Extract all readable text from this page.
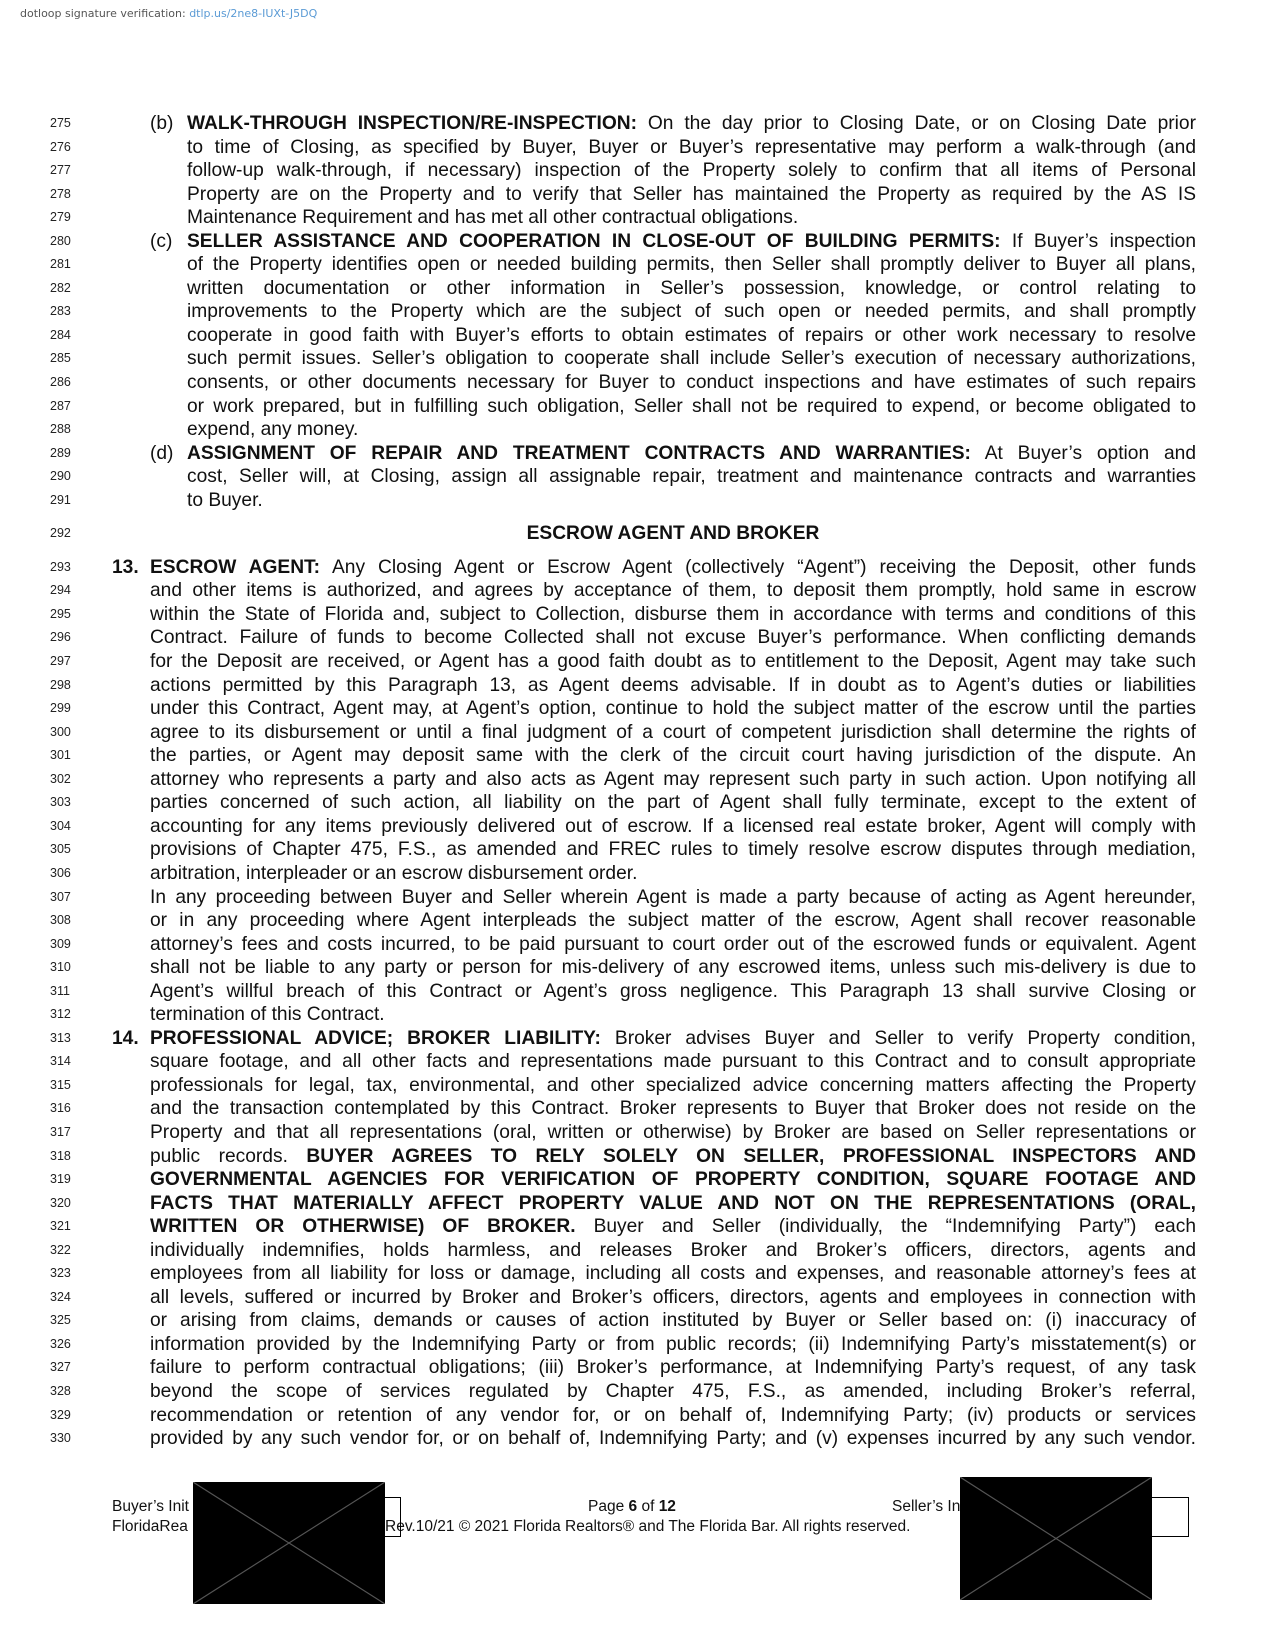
dotloop signature verification: dtlp.us/2ne8-IUXt-J5DQ
275	(b) WALK-THROUGH INSPECTION/RE-INSPECTION: On the day prior to Closing Date, or on Closing Date prior
276	to time of Closing, as specified by Buyer, Buyer or Buyer’s representative may perform a walk-through (and
277	follow-up walk-through, if necessary) inspection of the Property solely to confirm that all items of Personal
278	Property are on the Property and to verify that Seller has maintained the Property as required by the AS IS
279	Maintenance Requirement and has met all other contractual obligations.
280	(c) SELLER ASSISTANCE AND COOPERATION IN CLOSE-OUT OF BUILDING PERMITS: If Buyer’s inspection
281	of the Property identifies open or needed building permits, then Seller shall promptly deliver to Buyer all plans,
282	written documentation or other information in Seller’s possession, knowledge, or control relating to
283	improvements to the Property which are the subject of such open or needed permits, and shall promptly
284	cooperate in good faith with Buyer’s efforts to obtain estimates of repairs or other work necessary to resolve
285	such permit issues. Seller’s obligation to cooperate shall include Seller’s execution of necessary authorizations,
286	consents, or other documents necessary for Buyer to conduct inspections and have estimates of such repairs
287	or work prepared, but in fulfilling such obligation, Seller shall not be required to expend, or become obligated to
288	expend, any money.
289	(d) ASSIGNMENT OF REPAIR AND TREATMENT CONTRACTS AND WARRANTIES: At Buyer’s option and
290	cost, Seller will, at Closing, assign all assignable repair, treatment and maintenance contracts and warranties
291	to Buyer.
292	ESCROW AGENT AND BROKER
293	13. ESCROW AGENT: Any Closing Agent or Escrow Agent (collectively “Agent”) receiving the Deposit, other funds
294	and other items is authorized, and agrees by acceptance of them, to deposit them promptly, hold same in escrow
295	within the State of Florida and, subject to Collection, disburse them in accordance with terms and conditions of this
296	Contract. Failure of funds to become Collected shall not excuse Buyer’s performance. When conflicting demands
297	for the Deposit are received, or Agent has a good faith doubt as to entitlement to the Deposit, Agent may take such
298	actions permitted by this Paragraph 13, as Agent deems advisable. If in doubt as to Agent’s duties or liabilities
299	under this Contract, Agent may, at Agent’s option, continue to hold the subject matter of the escrow until the parties
300	agree to its disbursement or until a final judgment of a court of competent jurisdiction shall determine the rights of
301	the parties, or Agent may deposit same with the clerk of the circuit court having jurisdiction of the dispute. An
302	attorney who represents a party and also acts as Agent may represent such party in such action. Upon notifying all
303	parties concerned of such action, all liability on the part of Agent shall fully terminate, except to the extent of
304	accounting for any items previously delivered out of escrow. If a licensed real estate broker, Agent will comply with
305	provisions of Chapter 475, F.S., as amended and FREC rules to timely resolve escrow disputes through mediation,
306	arbitration, interpleader or an escrow disbursement order.
307	In any proceeding between Buyer and Seller wherein Agent is made a party because of acting as Agent hereunder,
308	or in any proceeding where Agent interpleads the subject matter of the escrow, Agent shall recover reasonable
309	attorney’s fees and costs incurred, to be paid pursuant to court order out of the escrowed funds or equivalent. Agent
310	shall not be liable to any party or person for mis-delivery of any escrowed items, unless such mis-delivery is due to
311	Agent’s willful breach of this Contract or Agent’s gross negligence. This Paragraph 13 shall survive Closing or
312	termination of this Contract.
313	14. PROFESSIONAL ADVICE; BROKER LIABILITY: Broker advises Buyer and Seller to verify Property condition,
314	square footage, and all other facts and representations made pursuant to this Contract and to consult appropriate
315	professionals for legal, tax, environmental, and other specialized advice concerning matters affecting the Property
316	and the transaction contemplated by this Contract. Broker represents to Buyer that Broker does not reside on the
317	Property and that all representations (oral, written or otherwise) by Broker are based on Seller representations or
318	public records. BUYER AGREES TO RELY SOLELY ON SELLER, PROFESSIONAL INSPECTORS AND
319	GOVERNMENTAL AGENCIES FOR VERIFICATION OF PROPERTY CONDITION, SQUARE FOOTAGE AND
320	FACTS THAT MATERIALLY AFFECT PROPERTY VALUE AND NOT ON THE REPRESENTATIONS (ORAL,
321	WRITTEN OR OTHERWISE) OF BROKER. Buyer and Seller (individually, the “Indemnifying Party”) each
322	individually indemnifies, holds harmless, and releases Broker and Broker’s officers, directors, agents and
323	employees from all liability for loss or damage, including all costs and expenses, and reasonable attorney’s fees at
324	all levels, suffered or incurred by Broker and Broker’s officers, directors, agents and employees in connection with
325	or arising from claims, demands or causes of action instituted by Buyer or Seller based on: (i) inaccuracy of
326	information provided by the Indemnifying Party or from public records; (ii) Indemnifying Party’s misstatement(s) or
327	failure to perform contractual obligations; (iii) Broker’s performance, at Indemnifying Party’s request, of any task
328	beyond the scope of services regulated by Chapter 475, F.S., as amended, including Broker’s referral,
329	recommendation or retention of any vendor for, or on behalf of, Indemnifying Party; (iv) products or services
330	provided by any such vendor for, or on behalf of, Indemnifying Party; and (v) expenses incurred by any such vendor.
Buyer’s Init
FloridaRea
Page 6 of 12
Rev.10/21 © 2021 Florida Realtors® and The Florida Bar. All rights reserved.
Seller’s In
